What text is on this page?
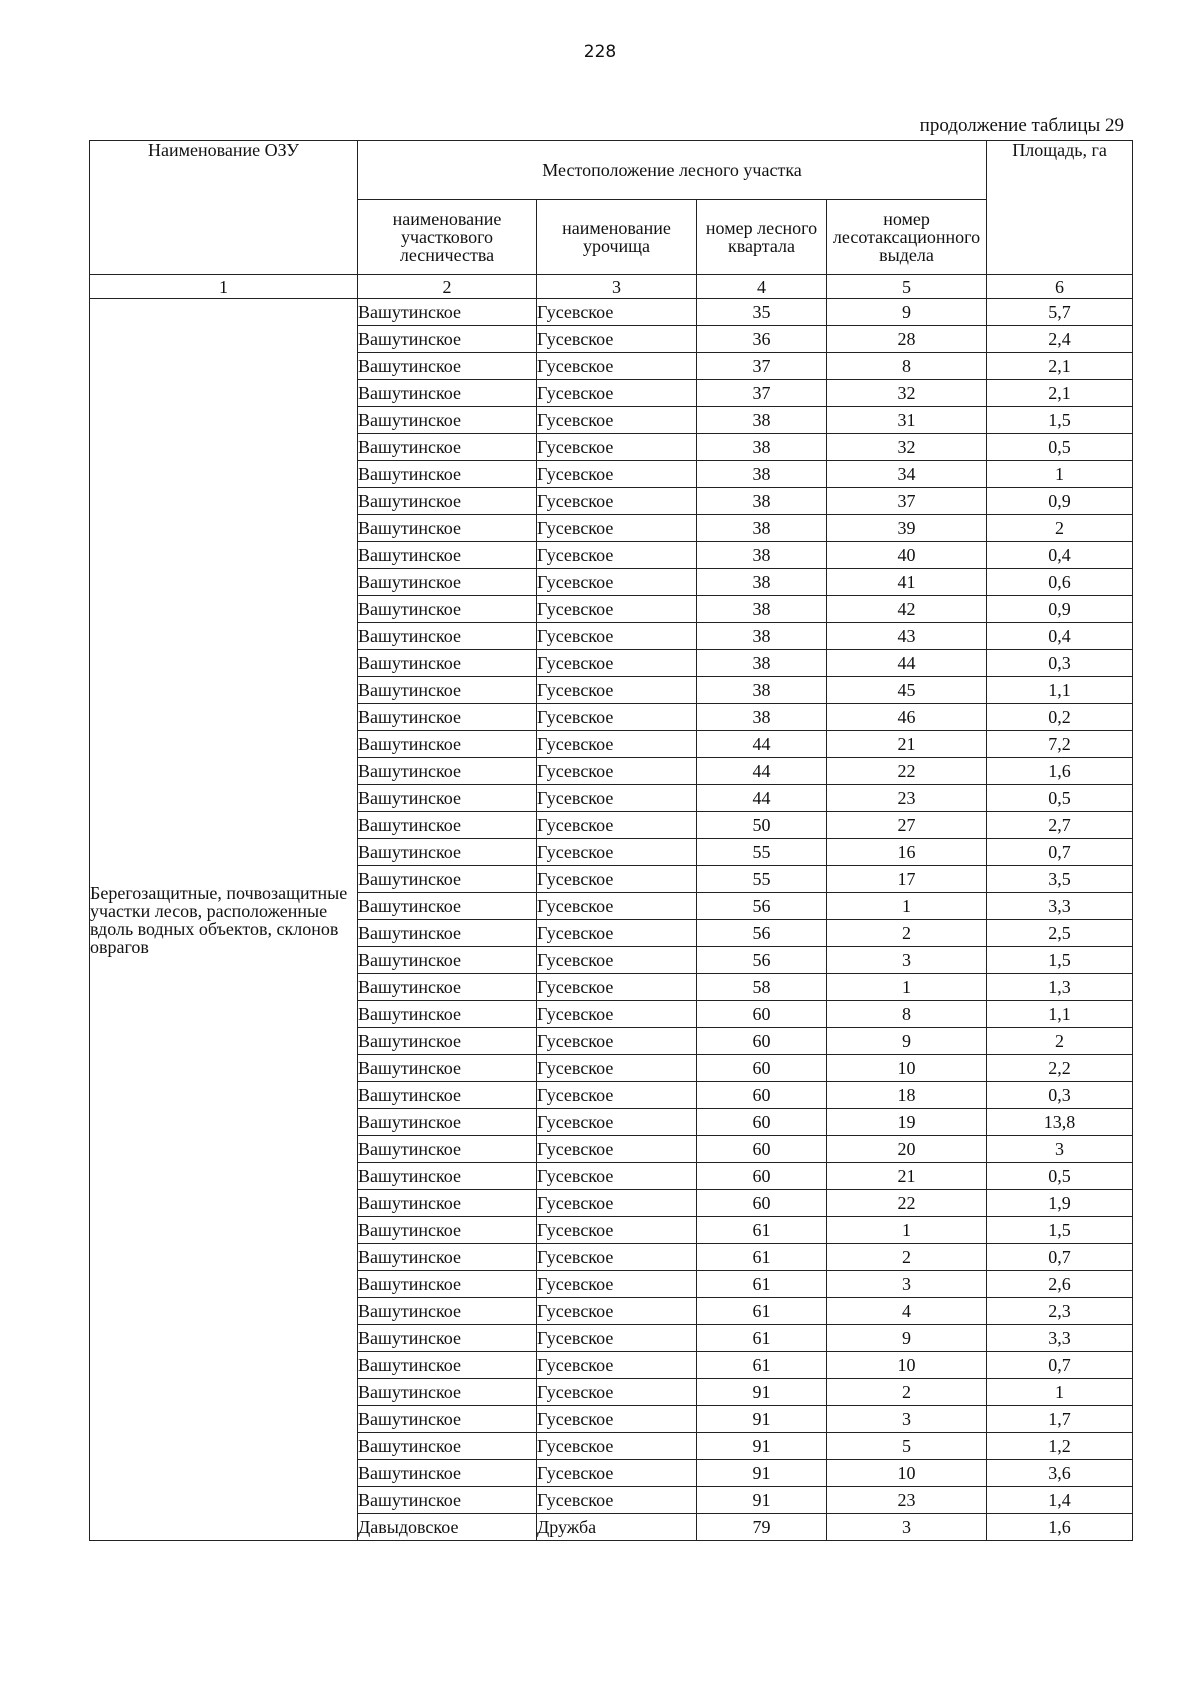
228
продолжение таблицы 29
Наименование ОЗУ	Местоположение лесного участка				Площадь, га
	наименование участкового лесничества	наименование урочища	номер лесного квартала	номер лесотаксационного выдела	
1	2	3	4	5	6
Берегозащитные, почвозащитные участки лесов, расположенные вдоль водных объектов, склонов оврагов	Вашутинское	Гусевское	35	9	5,7
	Вашутинское	Гусевское	36	28	2,4
	Вашутинское	Гусевское	37	8	2,1
	Вашутинское	Гусевское	37	32	2,1
	Вашутинское	Гусевское	38	31	1,5
	Вашутинское	Гусевское	38	32	0,5
	Вашутинское	Гусевское	38	34	1
	Вашутинское	Гусевское	38	37	0,9
	Вашутинское	Гусевское	38	39	2
	Вашутинское	Гусевское	38	40	0,4
	Вашутинское	Гусевское	38	41	0,6
	Вашутинское	Гусевское	38	42	0,9
	Вашутинское	Гусевское	38	43	0,4
	Вашутинское	Гусевское	38	44	0,3
	Вашутинское	Гусевское	38	45	1,1
	Вашутинское	Гусевское	38	46	0,2
	Вашутинское	Гусевское	44	21	7,2
	Вашутинское	Гусевское	44	22	1,6
	Вашутинское	Гусевское	44	23	0,5
	Вашутинское	Гусевское	50	27	2,7
	Вашутинское	Гусевское	55	16	0,7
	Вашутинское	Гусевское	55	17	3,5
	Вашутинское	Гусевское	56	1	3,3
	Вашутинское	Гусевское	56	2	2,5
	Вашутинское	Гусевское	56	3	1,5
	Вашутинское	Гусевское	58	1	1,3
	Вашутинское	Гусевское	60	8	1,1
	Вашутинское	Гусевское	60	9	2
	Вашутинское	Гусевское	60	10	2,2
	Вашутинское	Гусевское	60	18	0,3
	Вашутинское	Гусевское	60	19	13,8
	Вашутинское	Гусевское	60	20	3
	Вашутинское	Гусевское	60	21	0,5
	Вашутинское	Гусевское	60	22	1,9
	Вашутинское	Гусевское	61	1	1,5
	Вашутинское	Гусевское	61	2	0,7
	Вашутинское	Гусевское	61	3	2,6
	Вашутинское	Гусевское	61	4	2,3
	Вашутинское	Гусевское	61	9	3,3
	Вашутинское	Гусевское	61	10	0,7
	Вашутинское	Гусевское	91	2	1
	Вашутинское	Гусевское	91	3	1,7
	Вашутинское	Гусевское	91	5	1,2
	Вашутинское	Гусевское	91	10	3,6
	Вашутинское	Гусевское	91	23	1,4
	Давыдовское	Дружба	79	3	1,6
